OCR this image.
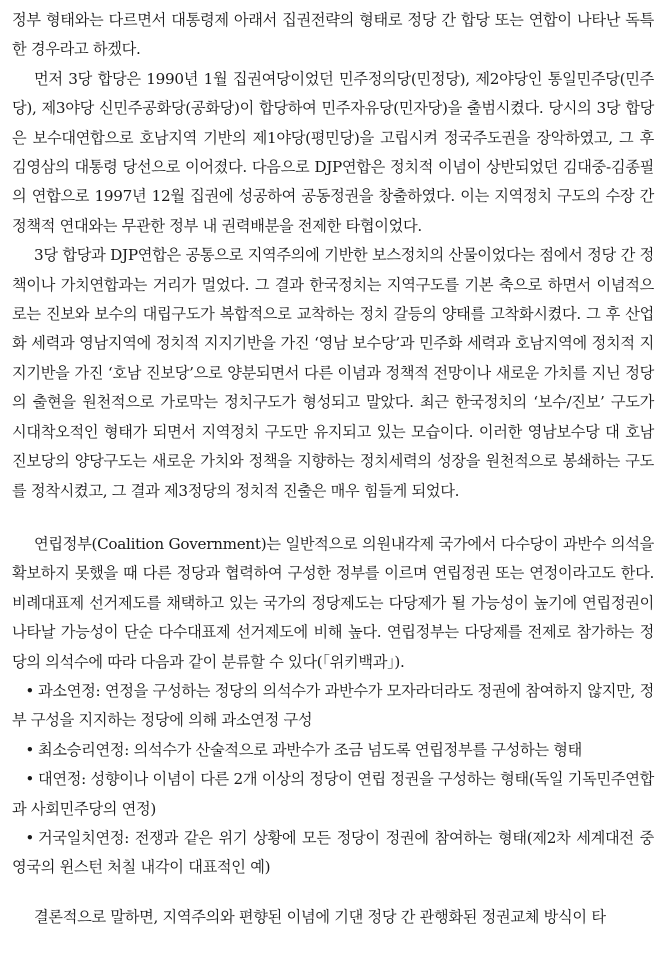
정부 형태와는 다르면서 대통령제 아래서 집권전략의 형태로 정당 간 합당 또는 연합이 나타난 독특한 경우라고 하겠다.

먼저 3당 합당은 1990년 1월 집권여당이었던 민주정의당(민정당), 제2야당인 통일민주당(민주당), 제3야당 신민주공화당(공화당)이 합당하여 민주자유당(민자당)을 출범시켰다. 당시의 3당 합당은 보수대연합으로 호남지역 기반의 제1야당(평민당)을 고립시켜 정국주도권을 장악하였고, 그 후 김영삼의 대통령 당선으로 이어졌다. 다음으로 DJP연합은 정치적 이념이 상반되었던 김대중-김종필의 연합으로 1997년 12월 집권에 성공하여 공동정권을 창출하였다. 이는 지역정치 구도의 수장 간 정책적 연대와는 무관한 정부 내 권력배분을 전제한 타협이었다.

3당 합당과 DJP연합은 공통으로 지역주의에 기반한 보스정치의 산물이었다는 점에서 정당 간 정책이나 가치연합과는 거리가 멀었다. 그 결과 한국정치는 지역구도를 기본 축으로 하면서 이념적으로는 진보와 보수의 대립구도가 복합적으로 교착하는 정치 갈등의 양태를 고착화시켰다. 그 후 산업화 세력과 영남지역에 정치적 지지기반을 가진 ‘영남 보수당’과 민주화 세력과 호남지역에 정치적 지지기반을 가진 ‘호남 진보당’으로 양분되면서 다른 이념과 정책적 전망이나 새로운 가치를 지닌 정당의 출현을 원천적으로 가로막는 정치구도가 형성되고 말았다. 최근 한국정치의 ‘보수/진보’ 구도가 시대착오적인 형태가 되면서 지역정치 구도만 유지되고 있는 모습이다. 이러한 영남보수당 대 호남진보당의 양당구도는 새로운 가치와 정책을 지향하는 정치세력의 성장을 원천적으로 봉쇄하는 구도를 정착시켰고, 그 결과 제3정당의 정치적 진출은 매우 힘들게 되었다.

연립정부(Coalition Government)는 일반적으로 의원내각제 국가에서 다수당이 과반수 의석을 확보하지 못했을 때 다른 정당과 협력하여 구성한 정부를 이르며 연립정권 또는 연정이라고도 한다. 비례대표제 선거제도를 채택하고 있는 국가의 정당제도는 다당제가 될 가능성이 높기에 연립정권이 나타날 가능성이 단순 다수대표제 선거제도에 비해 높다. 연립정부는 다당제를 전제로 참가하는 정당의 의석수에 따라 다음과 같이 분류할 수 있다(「위키백과」).

• 과소연정: 연정을 구성하는 정당의 의석수가 과반수가 모자라더라도 정권에 참여하지 않지만, 정부 구성을 지지하는 정당에 의해 과소연정 구성
• 최소승리연정: 의석수가 산술적으로 과반수가 조금 넘도록 연립정부를 구성하는 형태
• 대연정: 성향이나 이념이 다른 2개 이상의 정당이 연립 정권을 구성하는 형태(독일 기독민주연합과 사회민주당의 연정)
• 거국일치연정: 전쟁과 같은 위기 상황에 모든 정당이 정권에 참여하는 형태(제2차 세계대전 중 영국의 윈스턴 처칠 내각이 대표적인 예)

결론적으로 말하면, 지역주의와 편향된 이념에 기댄 정당 간 관행화된 정권교체 방식이 타
